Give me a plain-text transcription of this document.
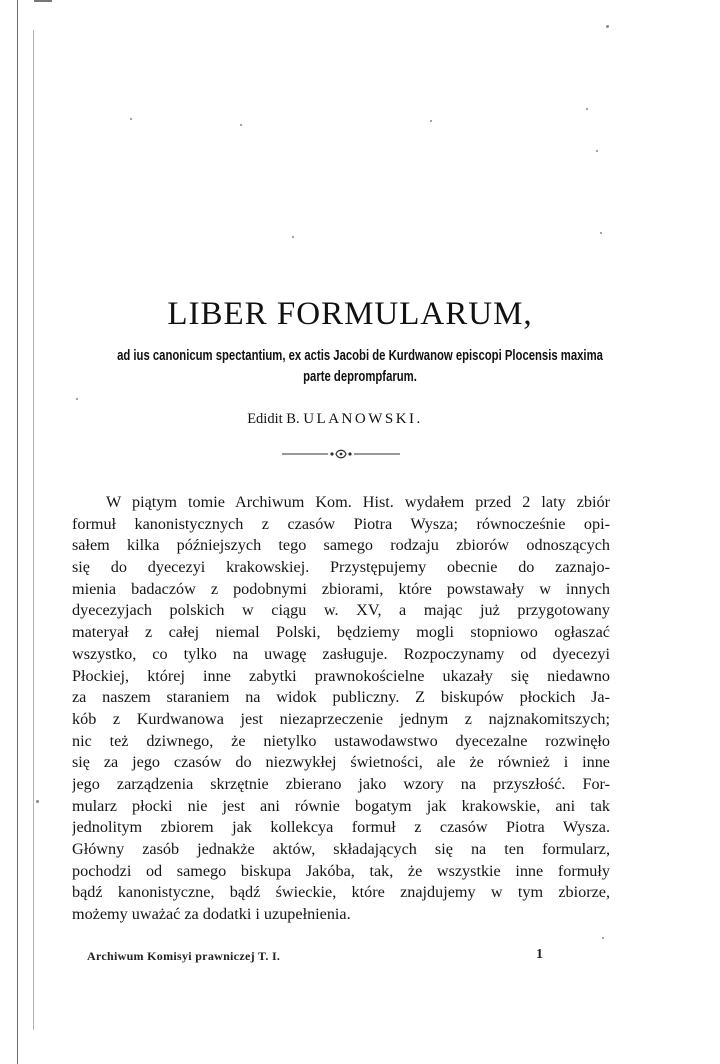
LIBER FORMULARUM,
ad ius canonicum spectantium, ex actis Jacobi de Kurdwanow episcopi Plocensis maxima
parte deprompfarum.
Edidit B. ULANOWSKI.
W piątym tomie Archiwum Kom. Hist. wydałem przed 2 laty zbiór
formuł kanonistycznych z czasów Piotra Wysza; równocześnie opi-
sałem kilka późniejszych tego samego rodzaju zbiorów odnoszących
się do dyecezyi krakowskiej. Przystępujemy obecnie do zaznajo-
mienia badaczów z podobnymi zbiorami, które powstawały w innych
dyecezyjach polskich w ciągu w. XV, a mając już przygotowany
materyał z całej niemal Polski, będziemy mogli stopniowo ogłaszać
wszystko, co tylko na uwagę zasługuje. Rozpoczynamy od dyecezyi
Płockiej, której inne zabytki prawnokościelne ukazały się niedawno
za naszem staraniem na widok publiczny. Z biskupów płockich Ja-
kób z Kurdwanowa jest niezaprzeczenie jednym z najznakomitszych;
nic też dziwnego, że nietylko ustawodawstwo dyecezalne rozwinęło
się za jego czasów do niezwykłej świetności, ale że również i inne
jego zarządzenia skrzętnie zbierano jako wzory na przyszłość. For-
mularz płocki nie jest ani równie bogatym jak krakowskie, ani tak
jednolitym zbiorem jak kollekcya formuł z czasów Piotra Wysza.
Główny zasób jednakże aktów, składających się na ten formularz,
pochodzi od samego biskupa Jakóba, tak, że wszystkie inne formuły
bądź kanonistyczne, bądź świeckie, które znajdujemy w tym zbiorze,
możemy uważać za dodatki i uzupełnienia.
Archiwum Komisyi prawniczej T. I.	1
